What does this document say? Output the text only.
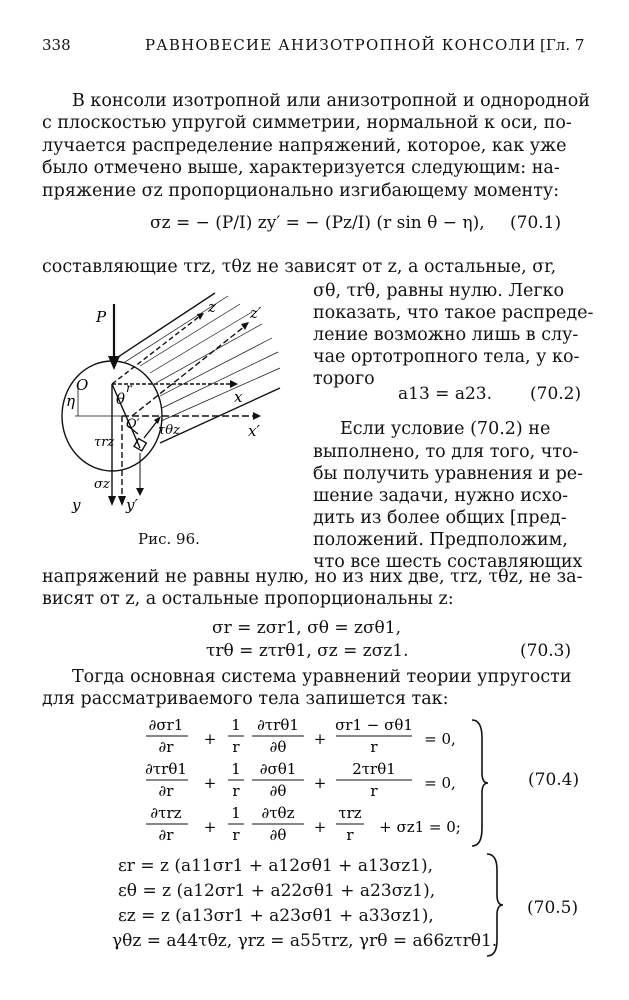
338	РАВНОВЕСИЕ АНИЗОТРОПНОЙ КОНСОЛИ [Гл. 7
В консоли изотропной или анизотропной и однородной
с плоскостью упругой симметрии, нормальной к оси, по-
лучается распределение напряжений, которое, как уже
было отмечено выше, характеризуется следующим: на-
пряжение σz пропорционально изгибающему моменту:
σz = − (P/I) zy′ = − (Pz/I) (r sin θ − η), (70.1)
составляющие τrz, τθz не зависят от z, а остальные, σr,
σθ, τrθ, равны нулю. Легко
показать, что такое распреде-
ление возможно лишь в слу-
чае ортотропного тела, у ко-
торого
a13 = a23. (70.2)
Если условие (70.2) не
выполнено, то для того, что-
бы получить уравнения и ре-
шение задачи, нужно исхо-
дить из более общих [пред-
положений. Предположим,
что все шесть составляющих
P
z z′
O
η	θ	x
x′
O′ τθz
τrz
σz
y	y′
r
Рис. 96.
напряжений не равны нулю, но из них две, τrz, τθz, не за-
висят от z, а остальные пропорциональны z:
σr = zσr1, σθ = zσθ1,
τrθ = zτrθ1, σz = zσz1.	(70.3)
Тогда основная система уравнений теории упругости
для рассматриваемого тела запишется так:
∂σr1
∂r +
1
r
∂τrθ1
∂θ +
σr1 − σθ1
r	= 0,
∂τrθ1
∂r +
1
r
∂σθ1
∂θ +
2τrθ1
r	= 0,
∂τrz
∂r +
1
r
∂τθz
∂θ +
τrz
r + σz1 = 0;
(70.4)
εr = z (a11σr1 + a12σθ1 + a13σz1),
εθ = z (a12σr1 + a22σθ1 + a23σz1),
εz = z (a13σr1 + a23σθ1 + a33σz1),
γθz = a44τθz, γrz = a55τrz, γrθ = a66zτrθ1.
(70.5)
